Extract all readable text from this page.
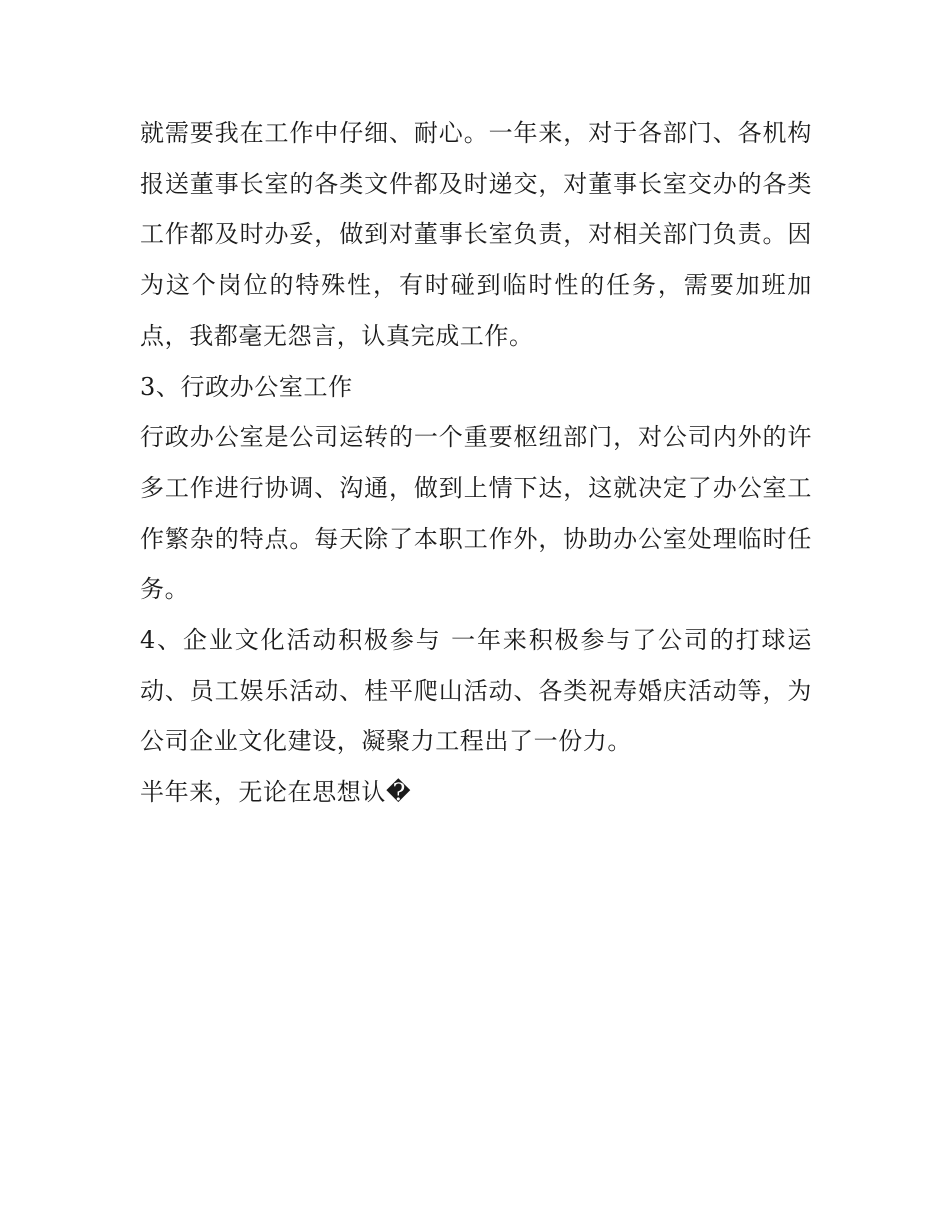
就需要我在工作中仔细、耐心。一年来，对于各部门、各机构报送董事长室的各类文件都及时递交，对董事长室交办的各类工作都及时办妥，做到对董事长室负责，对相关部门负责。因为这个岗位的特殊性，有时碰到临时性的任务，需要加班加点，我都毫无怨言，认真完成工作。

3、行政办公室工作

行政办公室是公司运转的一个重要枢纽部门，对公司内外的许多工作进行协调、沟通，做到上情下达，这就决定了办公室工作繁杂的特点。每天除了本职工作外，协助办公室处理临时任务。

4、企业文化活动积极参与 一年来积极参与了公司的打球运动、员工娱乐活动、桂平爬山活动、各类祝寿婚庆活动等，为公司企业文化建设，凝聚力工程出了一份力。

半年来，无论在思想认�
